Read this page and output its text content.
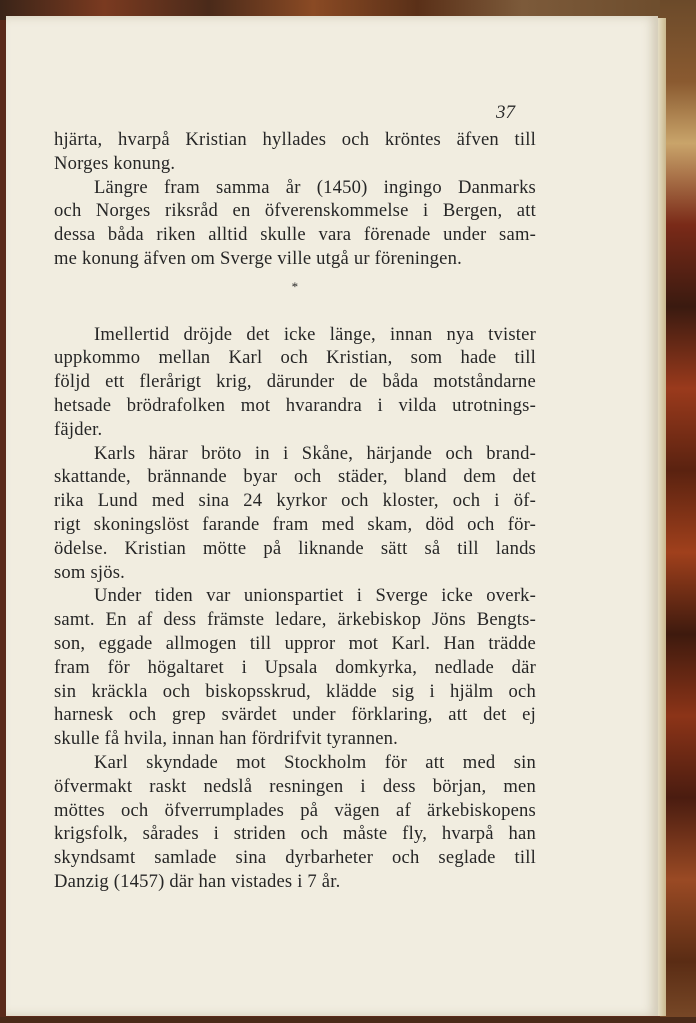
37
hjärta, hvarpå Kristian hyllades och kröntes äfven till
Norges konung.
Längre fram samma år (1450) ingingo Danmarks
och Norges riksråd en öfverenskommelse i Bergen, att
dessa båda riken alltid skulle vara förenade under sam-
me konung äfven om Sverge ville utgå ur föreningen.
*
Imellertid dröjde det icke länge, innan nya tvister
uppkommo mellan Karl och Kristian, som hade till
följd ett flerårigt krig, därunder de båda motståndarne
hetsade brödrafolken mot hvarandra i vilda utrotnings-
fäjder.
Karls härar bröto in i Skåne, härjande och brand-
skattande, brännande byar och städer, bland dem det
rika Lund med sina 24 kyrkor och kloster, och i öf-
rigt skoningslöst farande fram med skam, död och för-
ödelse. Kristian mötte på liknande sätt så till lands
som sjös.
Under tiden var unionspartiet i Sverge icke overk-
samt. En af dess främste ledare, ärkebiskop Jöns Bengts-
son, eggade allmogen till uppror mot Karl. Han trädde
fram för högaltaret i Upsala domkyrka, nedlade där
sin kräckla och biskopsskrud, klädde sig i hjälm och
harnesk och grep svärdet under förklaring, att det ej
skulle få hvila, innan han fördrifvit tyrannen.
Karl skyndade mot Stockholm för att med sin
öfvermakt raskt nedslå resningen i dess början, men
möttes och öfverrumplades på vägen af ärkebiskopens
krigsfolk, sårades i striden och måste fly, hvarpå han
skyndsamt samlade sina dyrbarheter och seglade till
Danzig (1457) där han vistades i 7 år.
